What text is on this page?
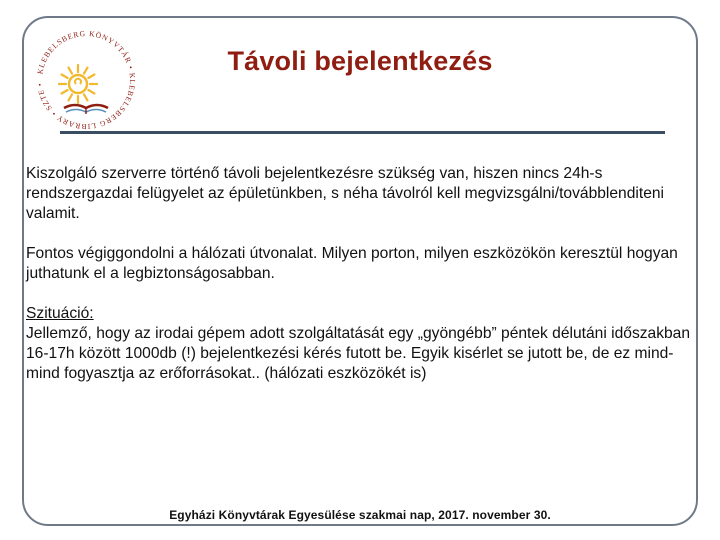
KLEBELSBERG KÖNYVTÁR • KLEBELSBERG LIBRARY • SZTE •
Távoli bejelentkezés

Kiszolgáló szerverre történő távoli bejelentkezésre szükség van, hiszen nincs 24h-s rendszergazdai felügyelet az épületünkben, s néha távolról kell megvizsgálni/továbblenditeni valamit.

Fontos végiggondolni a hálózati útvonalat. Milyen porton, milyen eszközökön keresztül hogyan juthatunk el a legbiztonságosabban.

Szituáció:

Jellemző, hogy az irodai gépem adott szolgáltatását egy „gyöngébb” péntek délutáni időszakban 16-17h között 1000db (!) bejelentkezési kérés futott be. Egyik kisérlet se jutott be, de ez mind-mind fogyasztja az erőforrásokat.. (hálózati eszközökét is)

Egyházi Könyvtárak Egyesülése szakmai nap, 2017. november 30.
